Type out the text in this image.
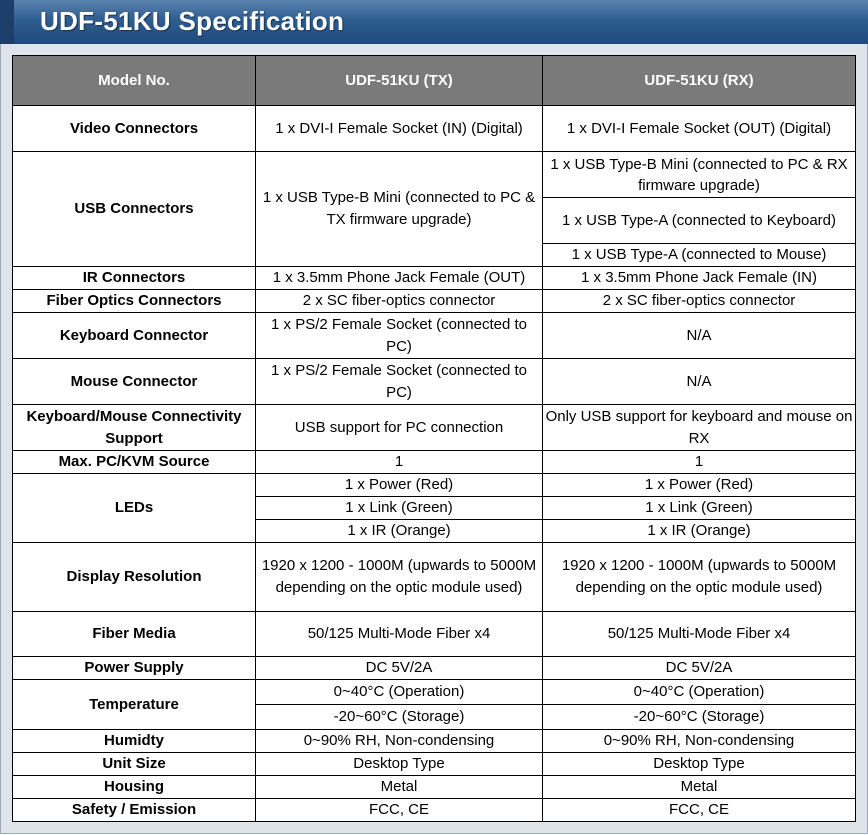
UDF-51KU Specification
Model No.	UDF-51KU (TX)	UDF-51KU (RX)
Video Connectors	1 x DVI-I Female Socket (IN) (Digital)	1 x DVI-I Female Socket (OUT) (Digital)
USB Connectors	1 x USB Type-B Mini (connected to PC & TX firmware upgrade)	1 x USB Type-B Mini (connected to PC & RX firmware upgrade)
		1 x USB Type-A (connected to Keyboard)
		1 x USB Type-A (connected to Mouse)
IR Connectors	1 x 3.5mm Phone Jack Female (OUT)	1 x 3.5mm Phone Jack Female (IN)
Fiber Optics Connectors	2 x SC fiber-optics connector	2 x SC fiber-optics connector
Keyboard Connector	1 x PS/2 Female Socket (connected to PC)	N/A
Mouse Connector	1 x PS/2 Female Socket (connected to PC)	N/A
Keyboard/Mouse Connectivity Support	USB support for PC connection	Only USB support for keyboard and mouse on RX
Max. PC/KVM Source	1	1
LEDs	1 x Power (Red)	1 x Power (Red)
	1 x Link (Green)	1 x Link (Green)
	1 x IR (Orange)	1 x IR (Orange)
Display Resolution	1920 x 1200 - 1000M (upwards to 5000M depending on the optic module used)	1920 x 1200 - 1000M (upwards to 5000M depending on the optic module used)
Fiber Media	50/125 Multi-Mode Fiber x4	50/125 Multi-Mode Fiber x4
Power Supply	DC 5V/2A	DC 5V/2A
Temperature	0~40°C (Operation)	0~40°C (Operation)
	-20~60°C (Storage)	-20~60°C (Storage)
Humidty	0~90% RH, Non-condensing	0~90% RH, Non-condensing
Unit Size	Desktop Type	Desktop Type
Housing	Metal	Metal
Safety / Emission	FCC, CE	FCC, CE
